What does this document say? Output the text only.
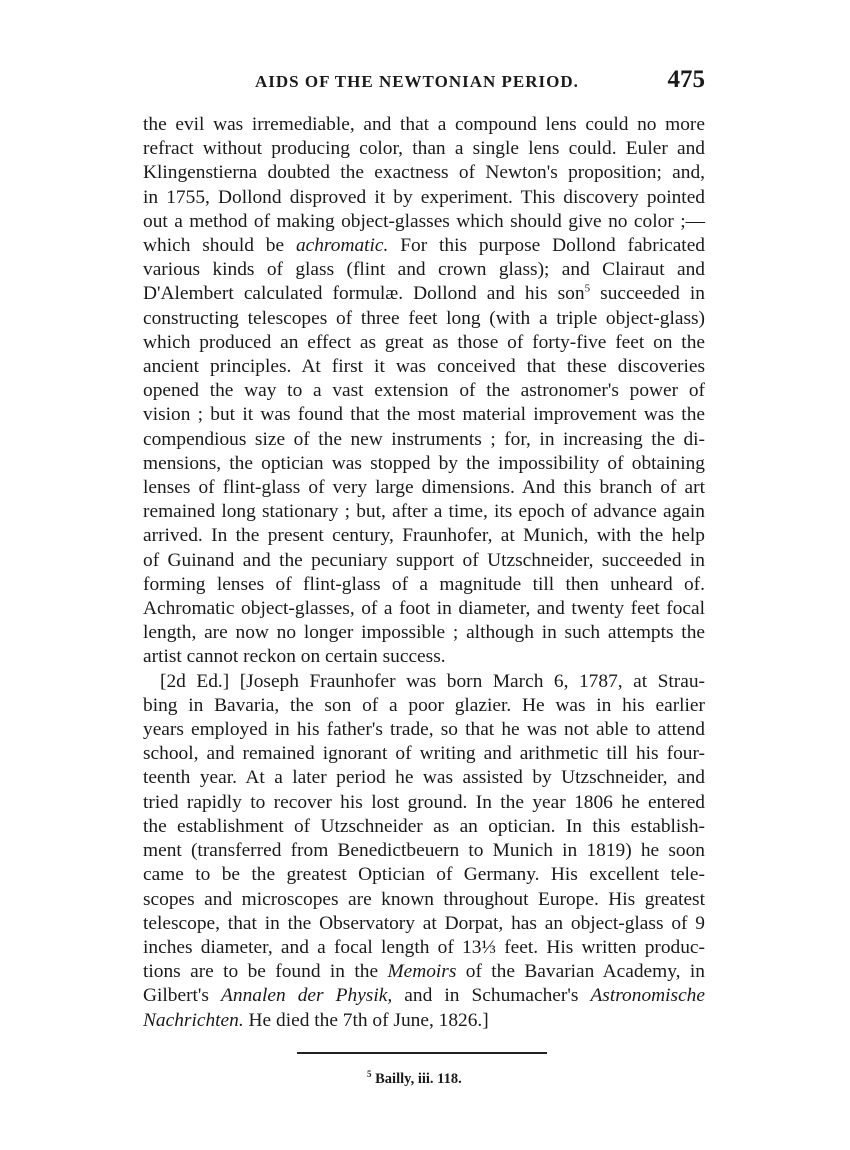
AIDS OF THE NEWTONIAN PERIOD.	475
the evil was irremediable, and that a compound lens could no more
refract without producing color, than a single lens could. Euler and
Klingenstierna doubted the exactness of Newton's proposition; and,
in 1755, Dollond disproved it by experiment. This discovery pointed
out a method of making object-glasses which should give no color ;—
which should be achromatic. For this purpose Dollond fabricated
various kinds of glass (flint and crown glass); and Clairaut and
D'Alembert calculated formulæ. Dollond and his son$^5$ succeeded in
constructing telescopes of three feet long (with a triple object-glass)
which produced an effect as great as those of forty-five feet on the
ancient principles. At first it was conceived that these discoveries
opened the way to a vast extension of the astronomer's power of
vision ; but it was found that the most material improvement was the
compendious size of the new instruments ; for, in increasing the di-
mensions, the optician was stopped by the impossibility of obtaining
lenses of flint-glass of very large dimensions. And this branch of art
remained long stationary ; but, after a time, its epoch of advance again
arrived. In the present century, Fraunhofer, at Munich, with the help
of Guinand and the pecuniary support of Utzschneider, succeeded in
forming lenses of flint-glass of a magnitude till then unheard of.
Achromatic object-glasses, of a foot in diameter, and twenty feet focal
length, are now no longer impossible ; although in such attempts the
artist cannot reckon on certain success.
[2d Ed.] [Joseph Fraunhofer was born March 6, 1787, at Strau-
bing in Bavaria, the son of a poor glazier. He was in his earlier
years employed in his father's trade, so that he was not able to attend
school, and remained ignorant of writing and arithmetic till his four-
teenth year. At a later period he was assisted by Utzschneider, and
tried rapidly to recover his lost ground. In the year 1806 he entered
the establishment of Utzschneider as an optician. In this establish-
ment (transferred from Benedictbeuern to Munich in 1819) he soon
came to be the greatest Optician of Germany. His excellent tele-
scopes and microscopes are known throughout Europe. His greatest
telescope, that in the Observatory at Dorpat, has an object-glass of 9
inches diameter, and a focal length of 13⅓ feet. His written produc-
tions are to be found in the Memoirs of the Bavarian Academy, in
Gilbert's Annalen der Physik, and in Schumacher's Astronomische
Nachrichten. He died the 7th of June, 1826.]
$^5$ Bailly, iii. 118.
